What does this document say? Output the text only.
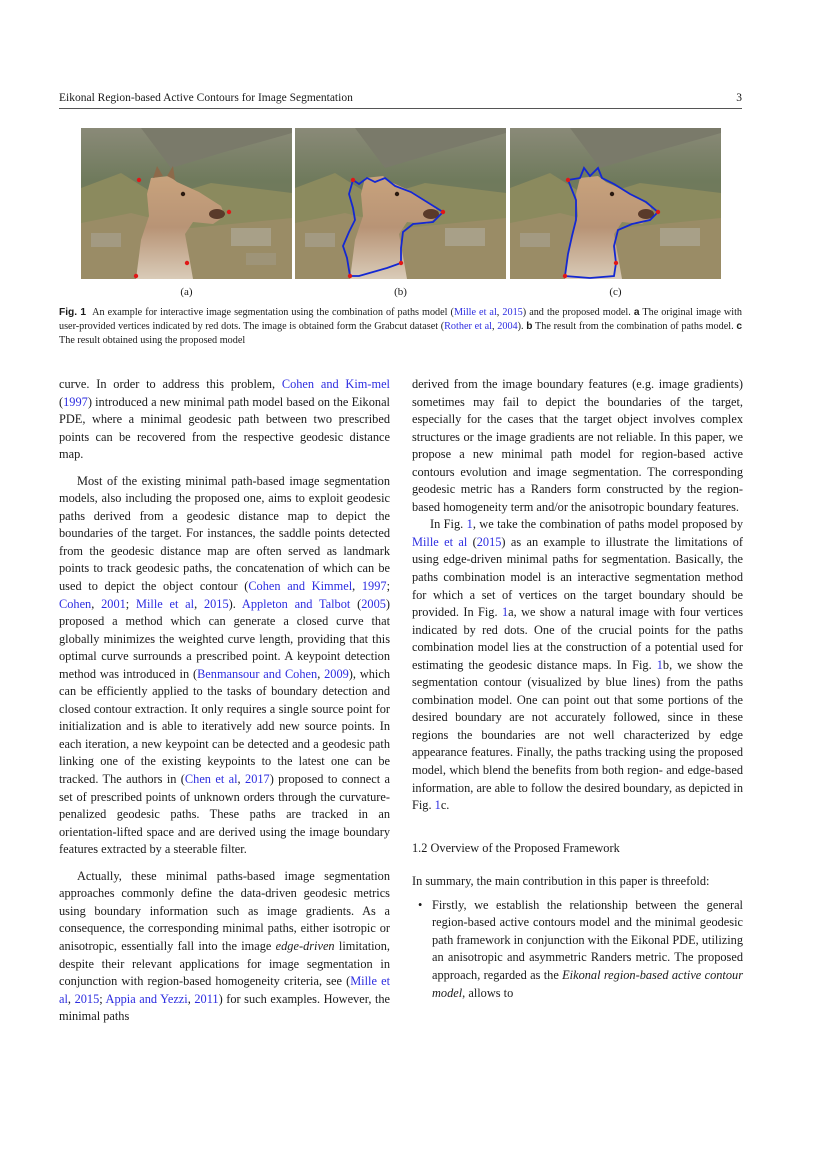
Eikonal Region-based Active Contours for Image Segmentation	3
(a)	(b)	(c)
Fig. 1 An example for interactive image segmentation using the combination of paths model (Mille et al, 2015) and the proposed model. a The original image with user-provided vertices indicated by red dots. The image is obtained form the Grabcut dataset (Rother et al, 2004). b The result from the combination of paths model. c The result obtained using the proposed model

curve. In order to address this problem, Cohen and Kim-mel (1997) introduced a new minimal path model based on the Eikonal PDE, where a minimal geodesic path between two prescribed points can be recovered from the respective geodesic distance map.

Most of the existing minimal path-based image segmentation models, also including the proposed one, aims to exploit geodesic paths derived from a geodesic distance map to depict the boundaries of the target. For instances, the saddle points detected from the geodesic distance map are often served as landmark points to track geodesic paths, the concatenation of which can be used to depict the object contour (Cohen and Kimmel, 1997; Cohen, 2001; Mille et al, 2015). Appleton and Talbot (2005) proposed a method which can generate a closed curve that globally minimizes the weighted curve length, providing that this optimal curve surrounds a prescribed point. A keypoint detection method was introduced in (Benmansour and Cohen, 2009), which can be efficiently applied to the tasks of boundary detection and closed contour extraction. It only requires a single source point for initialization and is able to iteratively add new source points. In each iteration, a new keypoint can be detected and a geodesic path linking one of the existing keypoints to the latest one can be tracked. The authors in (Chen et al, 2017) proposed to connect a set of prescribed points of unknown orders through the curvature-penalized geodesic paths. These paths are tracked in an orientation-lifted space and are derived using the image boundary features extracted by a steerable filter.

Actually, these minimal paths-based image segmentation approaches commonly define the data-driven geodesic metrics using boundary information such as image gradients. As a consequence, the corresponding minimal paths, either isotropic or anisotropic, essentially fall into the image edge-driven limitation, despite their relevant applications for image segmentation in conjunction with region-based homogeneity criteria, see (Mille et al, 2015; Appia and Yezzi, 2011) for such examples. However, the minimal paths

derived from the image boundary features (e.g. image gradients) sometimes may fail to depict the boundaries of the target, especially for the cases that the target object involves complex structures or the image gradients are not reliable. In this paper, we propose a new minimal path model for region-based active contours evolution and image segmentation. The corresponding geodesic metric has a Randers form constructed by the region-based homogeneity term and/or the anisotropic boundary features.

In Fig. 1, we take the combination of paths model proposed by Mille et al (2015) as an example to illustrate the limitations of using edge-driven minimal paths for segmentation. Basically, the paths combination model is an interactive segmentation method for which a set of vertices on the target boundary should be provided. In Fig. 1a, we show a natural image with four vertices indicated by red dots. One of the crucial points for the paths combination model lies at the construction of a potential used for estimating the geodesic distance maps. In Fig. 1b, we show the segmentation contour (visualized by blue lines) from the paths combination model. One can point out that some portions of the desired boundary are not accurately followed, since in these regions the boundaries are not well characterized by edge appearance features. Finally, the paths tracking using the proposed model, which blend the benefits from both region- and edge-based information, are able to follow the desired boundary, as depicted in Fig. 1c.

1.2 Overview of the Proposed Framework

In summary, the main contribution in this paper is threefold:

• Firstly, we establish the relationship between the general region-based active contours model and the minimal geodesic path framework in conjunction with the Eikonal PDE, utilizing an anisotropic and asymmetric Randers metric. The proposed approach, regarded as the Eikonal region-based active contour model, allows to
